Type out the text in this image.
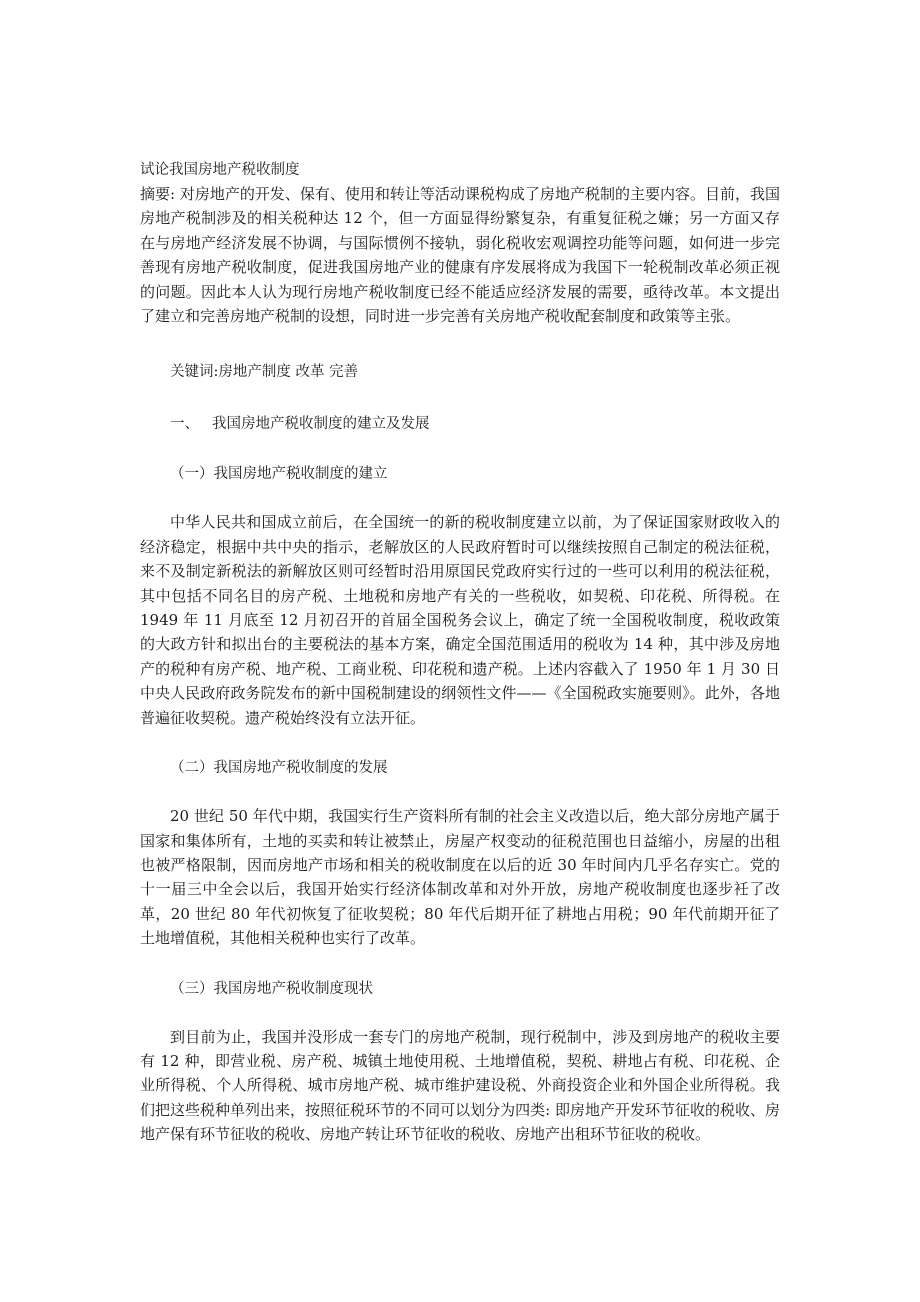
试论我国房地产税收制度

摘要: 对房地产的开发、保有、使用和转让等活动课税构成了房地产税制的主要内容。目前，我国房地产税制涉及的相关税种达 12 个，但一方面显得纷繁复杂，有重复征税之嫌；另一方面又存在与房地产经济发展不协调，与国际惯例不接轨，弱化税收宏观调控功能等问题，如何进一步完善现有房地产税收制度，促进我国房地产业的健康有序发展将成为我国下一轮税制改革必须正视的问题。因此本人认为现行房地产税收制度已经不能适应经济发展的需要，亟待改革。本文提出了建立和完善房地产税制的设想，同时进一步完善有关房地产税收配套制度和政策等主张。

关键词:房地产制度 改革 完善
一、 我国房地产税收制度的建立及发展
（一）我国房地产税收制度的建立

中华人民共和国成立前后，在全国统一的新的税收制度建立以前，为了保证国家财政收入的经济稳定，根据中共中央的指示，老解放区的人民政府暂时可以继续按照自己制定的税法征税，来不及制定新税法的新解放区则可经暂时沿用原国民党政府实行过的一些可以利用的税法征税，其中包括不同名目的房产税、土地税和房地产有关的一些税收，如契税、印花税、所得税。在 1949 年 11 月底至 12 月初召开的首届全国税务会议上，确定了统一全国税收制度，税收政策的大政方针和拟出台的主要税法的基本方案，确定全国范围适用的税收为 14 种，其中涉及房地产的税种有房产税、地产税、工商业税、印花税和遗产税。上述内容截入了 1950 年 1 月 30 日中央人民政府政务院发布的新中国税制建设的纲领性文件——《全国税政实施要则》。此外，各地普遍征收契税。遗产税始终没有立法开征。

（二）我国房地产税收制度的发展

20 世纪 50 年代中期，我国实行生产资料所有制的社会主义改造以后，绝大部分房地产属于国家和集体所有，土地的买卖和转让被禁止，房屋产权变动的征税范围也日益缩小，房屋的出租也被严格限制，因而房地产市场和相关的税收制度在以后的近 30 年时间内几乎名存实亡。党的十一届三中全会以后，我国开始实行经济体制改革和对外开放，房地产税收制度也逐步衽了改革，20 世纪 80 年代初恢复了征收契税；80 年代后期开征了耕地占用税；90 年代前期开征了土地增值税，其他相关税种也实行了改革。

（三）我国房地产税收制度现状

到目前为止，我国并没形成一套专门的房地产税制，现行税制中，涉及到房地产的税收主要有 12 种，即营业税、房产税、城镇土地使用税、土地增值税，契税、耕地占有税、印花税、企业所得税、个人所得税、城市房地产税、城市维护建设税、外商投资企业和外国企业所得税。我们把这些税种单列出来，按照征税环节的不同可以划分为四类: 即房地产开发环节征收的税收、房地产保有环节征收的税收、房地产转让环节征收的税收、房地产出租环节征收的税收。
